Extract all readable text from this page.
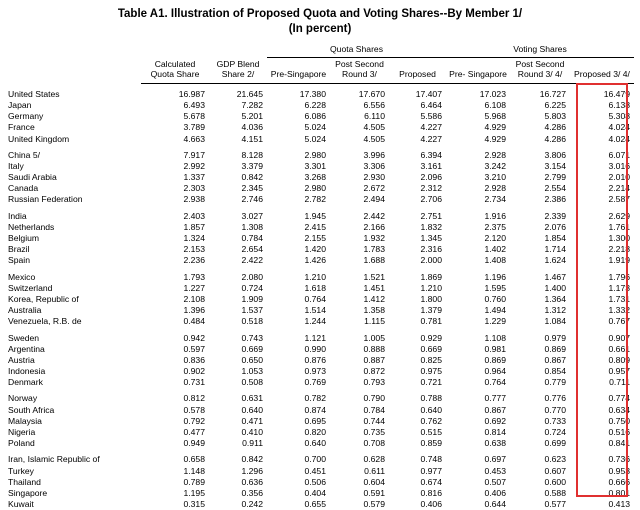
Table A1. Illustration of Proposed Quota and Voting Shares--By Member 1/
(In percent)
	Calculated Quota Share	GDP Blend Share 2/	Quota Shares			Voting Shares		
			Pre-Singapore	Post Second Round 3/	Proposed	Pre- Singapore	Post Second Round 3/ 4/	Proposed 3/ 4/

United States	16.987	21.645	17.380	17.670	17.407	17.023	16.727	16.479
Japan	6.493	7.282	6.228	6.556	6.464	6.108	6.225	6.138
Germany	5.678	5.201	6.086	6.110	5.586	5.968	5.803	5.308
France	3.789	4.036	5.024	4.505	4.227	4.929	4.286	4.024
United Kingdom	4.663	4.151	5.024	4.505	4.227	4.929	4.286	4.024

China 5/	7.917	8.128	2.980	3.996	6.394	2.928	3.806	6.071
Italy	2.992	3.379	3.301	3.306	3.161	3.242	3.154	3.016
Saudi Arabia	1.337	0.842	3.268	2.930	2.096	3.210	2.799	2.010
Canada	2.303	2.345	2.980	2.672	2.312	2.928	2.554	2.214
Russian Federation	2.938	2.746	2.782	2.494	2.706	2.734	2.386	2.587

India	2.403	3.027	1.945	2.442	2.751	1.916	2.339	2.629
Netherlands	1.857	1.308	2.415	2.166	1.832	2.375	2.076	1.761
Belgium	1.324	0.784	2.155	1.932	1.345	2.120	1.854	1.300
Brazil	2.153	2.654	1.420	1.783	2.316	1.402	1.714	2.218
Spain	2.236	2.422	1.426	1.688	2.000	1.408	1.624	1.919

Mexico	1.793	2.080	1.210	1.521	1.869	1.196	1.467	1.796
Switzerland	1.227	0.724	1.618	1.451	1.210	1.595	1.400	1.173
Korea, Republic of	2.108	1.909	0.764	1.412	1.800	0.760	1.364	1.731
Australia	1.396	1.537	1.514	1.358	1.379	1.494	1.312	1.332
Venezuela, R.B. de	0.484	0.518	1.244	1.115	0.781	1.229	1.084	0.767

Sweden	0.942	0.743	1.121	1.005	0.929	1.108	0.979	0.907
Argentina	0.597	0.669	0.990	0.888	0.669	0.981	0.869	0.661
Austria	0.836	0.650	0.876	0.887	0.825	0.869	0.867	0.809
Indonesia	0.902	1.053	0.973	0.872	0.975	0.964	0.854	0.957
Denmark	0.731	0.508	0.769	0.793	0.721	0.764	0.779	0.711

Norway	0.812	0.631	0.782	0.790	0.788	0.777	0.776	0.774
South Africa	0.578	0.640	0.874	0.784	0.640	0.867	0.770	0.634
Malaysia	0.792	0.471	0.695	0.744	0.762	0.692	0.733	0.750
Nigeria	0.477	0.410	0.820	0.735	0.515	0.814	0.724	0.516
Poland	0.949	0.911	0.640	0.708	0.859	0.638	0.699	0.841

Iran, Islamic Republic of	0.658	0.842	0.700	0.628	0.748	0.697	0.623	0.736
Turkey	1.148	1.296	0.451	0.611	0.977	0.453	0.607	0.953
Thailand	0.789	0.636	0.506	0.604	0.674	0.507	0.600	0.666
Singapore	1.195	0.356	0.404	0.591	0.816	0.406	0.588	0.801
Kuwait	0.315	0.242	0.655	0.579	0.406	0.644	0.577	0.413
